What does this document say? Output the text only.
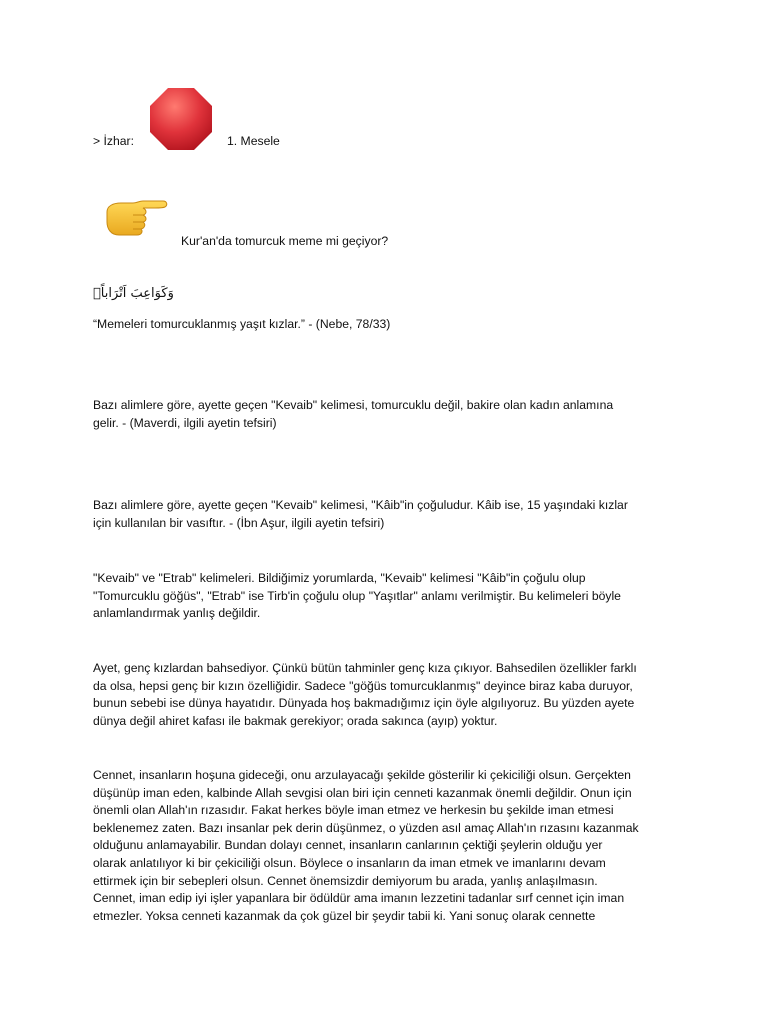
> İzhar:	1. Mesele
Kur'an'da tomurcuk meme mi geçiyor?
وَكَوَاعِبَ اَتْرَاباًۙ
“Memeleri tomurcuklanmış yaşıt kızlar.” - (Nebe, 78/33)
Bazı alimlere göre, ayette geçen "Kevaib" kelimesi, tomurcuklu değil, bakire olan kadın anlamına
gelir. - (Maverdi, ilgili ayetin tefsiri)
Bazı alimlere göre, ayette geçen "Kevaib" kelimesi, "Kâib"in çoğuludur. Kâib ise, 15 yaşındaki kızlar
için kullanılan bir vasıftır. - (İbn Aşur, ilgili ayetin tefsiri)
"Kevaib" ve "Etrab" kelimeleri. Bildiğimiz yorumlarda, "Kevaib" kelimesi "Kâib"in çoğulu olup
"Tomurcuklu göğüs", "Etrab" ise Tirb'in çoğulu olup "Yaşıtlar" anlamı verilmiştir. Bu kelimeleri böyle
anlamlandırmak yanlış değildir.
Ayet, genç kızlardan bahsediyor. Çünkü bütün tahminler genç kıza çıkıyor. Bahsedilen özellikler farklı
da olsa, hepsi genç bir kızın özelliğidir. Sadece "göğüs tomurcuklanmış" deyince biraz kaba duruyor,
bunun sebebi ise dünya hayatıdır. Dünyada hoş bakmadığımız için öyle algılıyoruz. Bu yüzden ayete
dünya değil ahiret kafası ile bakmak gerekiyor; orada sakınca (ayıp) yoktur.
Cennet, insanların hoşuna gideceği, onu arzulayacağı şekilde gösterilir ki çekiciliği olsun. Gerçekten
düşünüp iman eden, kalbinde Allah sevgisi olan biri için cenneti kazanmak önemli değildir. Onun için
önemli olan Allah'ın rızasıdır. Fakat herkes böyle iman etmez ve herkesin bu şekilde iman etmesi
beklenemez zaten. Bazı insanlar pek derin düşünmez, o yüzden asıl amaç Allah'ın rızasını kazanmak
olduğunu anlamayabilir. Bundan dolayı cennet, insanların canlarının çektiği şeylerin olduğu yer
olarak anlatılıyor ki bir çekiciliği olsun. Böylece o insanların da iman etmek ve imanlarını devam
ettirmek için bir sebepleri olsun. Cennet önemsizdir demiyorum bu arada, yanlış anlaşılmasın.
Cennet, iman edip iyi işler yapanlara bir ödüldür ama imanın lezzetini tadanlar sırf cennet için iman
etmezler. Yoksa cenneti kazanmak da çok güzel bir şeydir tabii ki. Yani sonuç olarak cennette
